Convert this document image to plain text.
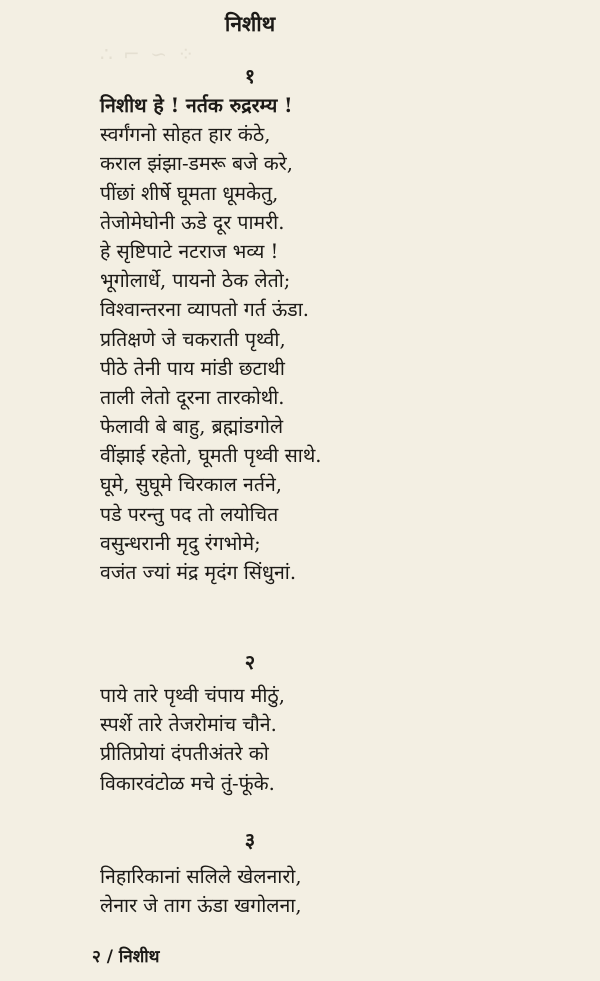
∴ ⌐ ∽ ⁘
निशीथ
१
निशीथ हे ! नर्तक रुद्ररम्य !
स्वर्गंगनो सोहत हार कंठे,
कराल झंझा-डमरू बजे करे,
पींछां शीर्षे घूमता धूमकेतु,
तेजोमेघोनी ऊडे दूर पामरी.
हे सृष्टिपाटे नटराज भव्य !
भूगोलार्धे, पायनो ठेक लेतो;
विश्वान्तरना व्यापतो गर्त ऊंडा.
प्रतिक्षणे जे चकराती पृथ्वी,
पीठे तेनी पाय मांडी छटाथी
ताली लेतो दूरना तारकोथी.
फेलावी बे बाहु, ब्रह्मांडगोले
वींझाई रहेतो, घूमती पृथ्वी साथे.
घूमे, सुघूमे चिरकाल नर्तने,
पडे परन्तु पद तो लयोचित
वसुन्धरानी मृदु रंगभोमे;
वजंत ज्यां मंद्र मृदंग सिंधुनां.
२
पाये तारे पृथ्वी चंपाय मीठुं,
स्पर्शे तारे तेजरोमांच चौने.
प्रीतिप्रोयां दंपतीअंतरे को
विकारवंटोळ मचे तुं-फूंके.
३
निहारिकानां सलिले खेलनारो,
लेनार जे ताग ऊंडा खगोलना,
२ / निशीथ
